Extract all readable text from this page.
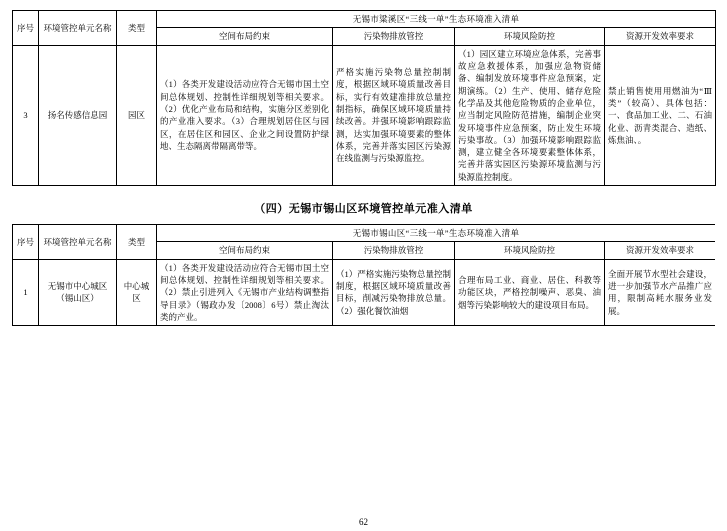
序号	环境管控单元名称	类型	无锡市粱溪区“三线一单”生态环境准入清单			
			空间布局约束	污染物排放管控	环境风险防控	资源开发效率要求
3	扬名传感信息园	园区	（1）各类开发建设活动应符合无锡市国土空间总体规划、控制性详细规划等相关要求。（2）优化产业布局和结构，实施分区差别化的产业准入要求。（3）合理规划居住区与园区，在居住区和园区、企业之间设置防护绿地、生态隔离带隔离带等。	严格实施污染物总量控制制度，根据区域环境质量改善目标，实行有效建准排放总量控制指标，确保区域环境质量持续改善。并强环境影响跟踪监测，达实加强环境要素的整体体系，完善并落实园区污染源在线监测与污染源监控。	（1）园区建立环境应急体系，完善事故应急救援体系，加强应急物资储备、编制发放环境事件应急预案，定期演练。（2）生产、使用、储存危险化学品及其他危险物质的企业单位，应当制定风险防范措施，编制企业突发环境事件应急预案，防止发生环境污染事故。（3）加强环境影响跟踪监测，建立健全各环境要素整体体系，完善并落实园区污染源环境监测与污染源监控制度。	禁止销售使用用燃油为“Ⅲ类”（较高）、具体包括：一、食品加工业、二、石油化业、沥青类混合、造纸、炼焦油、。
（四）无锡市锡山区环境管控单元准入清单
序号	环境管控单元名称	类型	无锡市锡山区“三线一单”生态环境准入清单			
			空间布局约束	污染物排放管控	环境风险防控	资源开发效率要求
1	无锡市中心城区（锡山区）	中心城区	（1）各类开发建设活动应符合无锡市国土空间总体规划、控制性详细规划等相关要求。（2）禁止引进列入《无锡市产业结构调整指导目录》（锡政办发〔2008〕6号）禁止淘汰类的产业。	（1）严格实施污染物总量控制制度，根据区域环境质量改善目标，削减污染物排放总量。（2）强化餐饮油烟	合理布局工业、商业、居住、科教等功能区块，严格控制噪声、恶臭、油烟等污染影响较大的建设项目布局。	全面开展节水型社会建设，进一步加强节水产品推广应用，限制高耗水服务业发展。
62
